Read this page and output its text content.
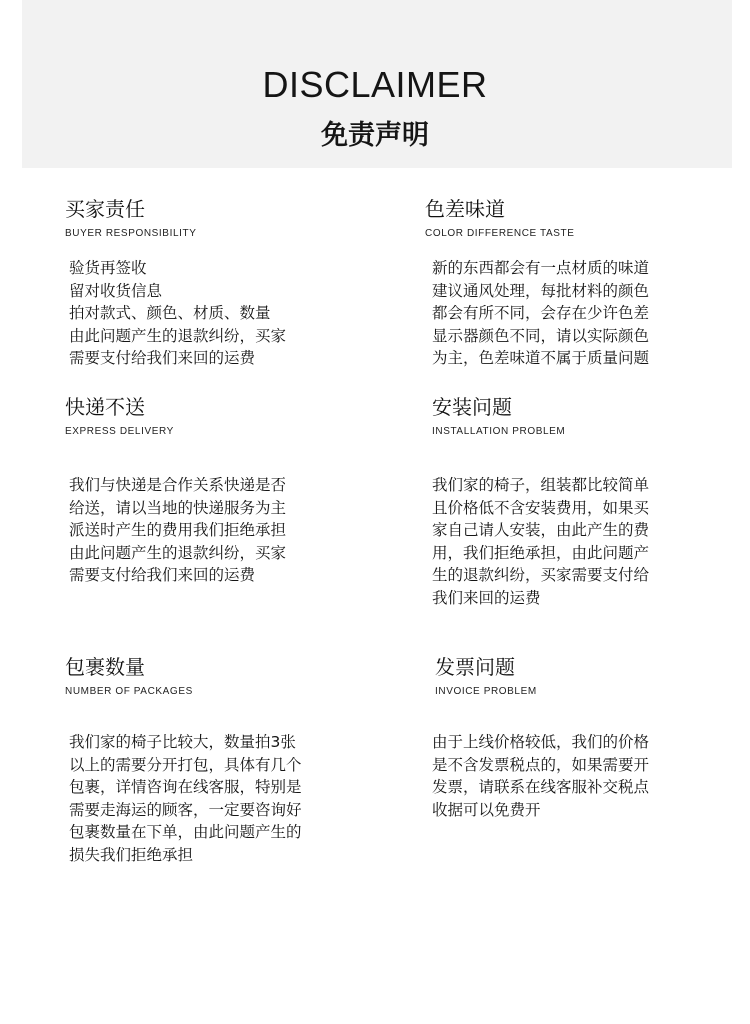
DISCLAIMER
免责声明
买家责任
BUYER RESPONSIBILITY
验货再签收
留对收货信息
拍对款式、颜色、材质、数量
由此问题产生的退款纠纷，买家
需要支付给我们来回的运费
色差味道
COLOR DIFFERENCE TASTE
新的东西都会有一点材质的味道
建议通风处理，每批材料的颜色
都会有所不同，会存在少许色差
显示器颜色不同，请以实际颜色
为主，色差味道不属于质量问题
快递不送
EXPRESS DELIVERY
我们与快递是合作关系快递是否
给送，请以当地的快递服务为主
派送时产生的费用我们拒绝承担
由此问题产生的退款纠纷，买家
需要支付给我们来回的运费
安装问题
INSTALLATION PROBLEM
我们家的椅子，组装都比较简单
且价格低不含安装费用，如果买
家自己请人安装，由此产生的费
用，我们拒绝承担，由此问题产
生的退款纠纷，买家需要支付给
我们来回的运费
包裹数量
NUMBER OF PACKAGES
我们家的椅子比较大，数量拍3张
以上的需要分开打包，具体有几个
包裹，详情咨询在线客服，特别是
需要走海运的顾客，一定要咨询好
包裹数量在下单，由此问题产生的
损失我们拒绝承担
发票问题
INVOICE PROBLEM
由于上线价格较低，我们的价格
是不含发票税点的，如果需要开
发票，请联系在线客服补交税点
收据可以免费开
